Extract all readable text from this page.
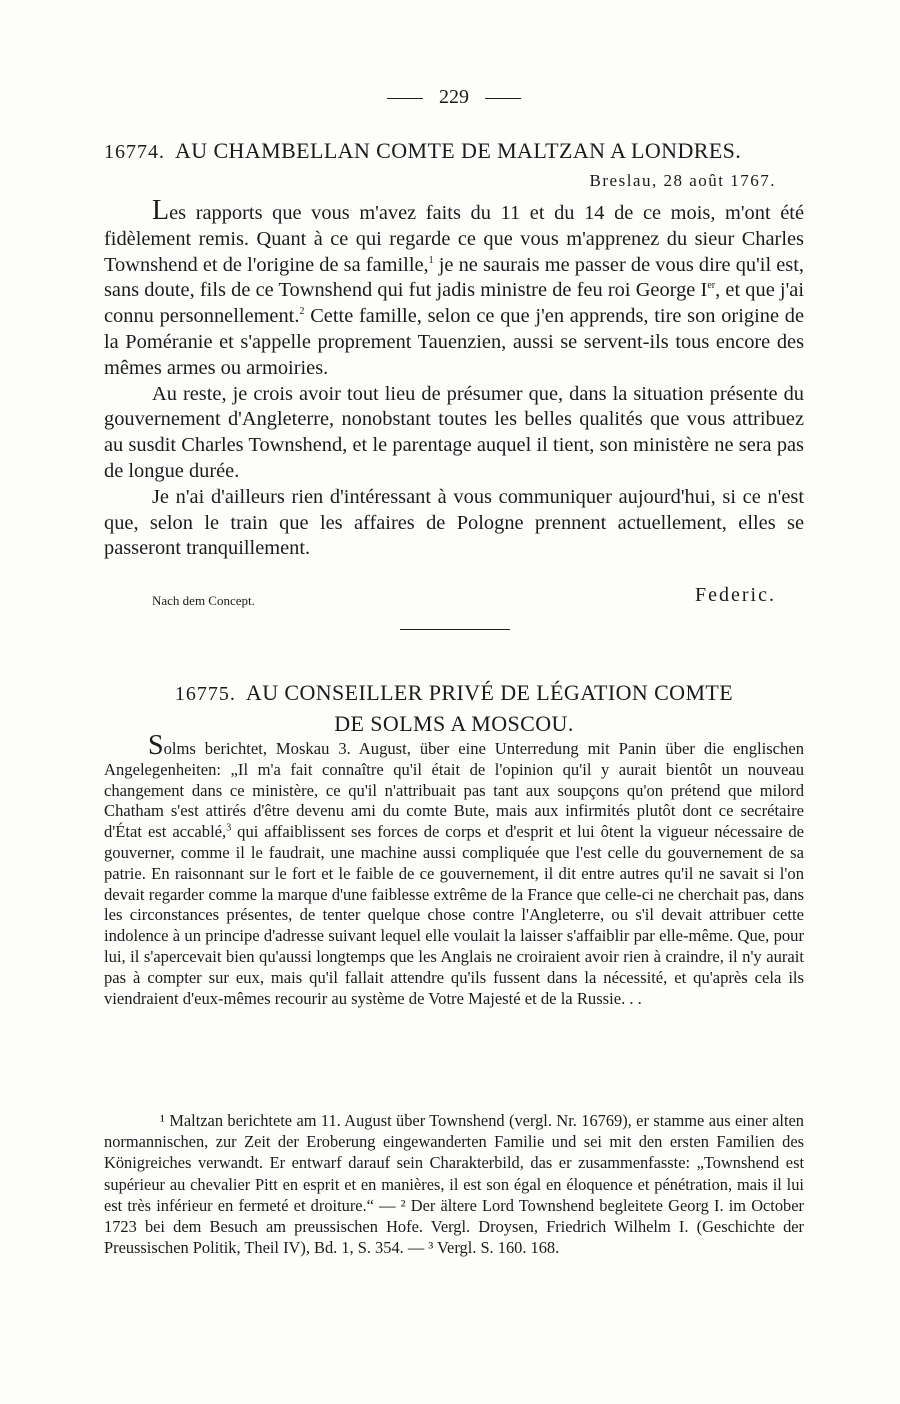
229
16774. AU CHAMBELLAN COMTE DE MALTZAN A LONDRES.
Breslau, 28 août 1767.

Les rapports que vous m'avez faits du 11 et du 14 de ce mois, m'ont été fidèlement remis. Quant à ce qui regarde ce que vous m'apprenez du sieur Charles Townshend et de l'origine de sa famille,$^1$ je ne saurais me passer de vous dire qu'il est, sans doute, fils de ce Townshend qui fut jadis ministre de feu roi George Ier, et que j'ai connu personnellement.$^2$ Cette famille, selon ce que j'en apprends, tire son origine de la Poméranie et s'appelle proprement Tauenzien, aussi se servent-ils tous encore des mêmes armes ou armoiries.

Au reste, je crois avoir tout lieu de présumer que, dans la situation présente du gouvernement d'Angleterre, nonobstant toutes les belles qualités que vous attribuez au susdit Charles Townshend, et le parentage auquel il tient, son ministère ne sera pas de longue durée.

Je n'ai d'ailleurs rien d'intéressant à vous communiquer aujourd'hui, si ce n'est que, selon le train que les affaires de Pologne prennent actuellement, elles se passeront tranquillement.

Nach dem Concept.	Federic.
16775. AU CONSEILLER PRIVÉ DE LÉGATION COMTE
DE SOLMS A MOSCOU.

Solms berichtet, Moskau 3. August, über eine Unterredung mit Panin über die englischen Angelegenheiten: „Il m'a fait connaître qu'il était de l'opinion qu'il y aurait bientôt un nouveau changement dans ce ministère, ce qu'il n'attribuait pas tant aux soupçons qu'on prétend que milord Chatham s'est attirés d'être devenu ami du comte Bute, mais aux infirmités plutôt dont ce secrétaire d'État est accablé,$^3$ qui affaiblissent ses forces de corps et d'esprit et lui ôtent la vigueur nécessaire de gouverner, comme il le faudrait, une machine aussi compliquée que l'est celle du gouvernement de sa patrie. En raisonnant sur le fort et le faible de ce gouvernement, il dit entre autres qu'il ne savait si l'on devait regarder comme la marque d'une faiblesse extrême de la France que celle-ci ne cherchait pas, dans les circonstances présentes, de tenter quelque chose contre l'Angleterre, ou s'il devait attribuer cette indolence à un principe d'adresse suivant lequel elle voulait la laisser s'affaiblir par elle-même. Que, pour lui, il s'apercevait bien qu'aussi longtemps que les Anglais ne croiraient avoir rien à craindre, il n'y aurait pas à compter sur eux, mais qu'il fallait attendre qu'ils fussent dans la nécessité, et qu'après cela ils viendraient d'eux-mêmes recourir au système de Votre Majesté et de la Russie. . .

¹ Maltzan berichtete am 11. August über Townshend (vergl. Nr. 16769), er stamme aus einer alten normannischen, zur Zeit der Eroberung eingewanderten Familie und sei mit den ersten Familien des Königreiches verwandt. Er entwarf darauf sein Charakterbild, das er zusammenfasste: „Townshend est supérieur au chevalier Pitt en esprit et en manières, il est son égal en éloquence et pénétration, mais il lui est très inférieur en fermeté et droiture.“ — ² Der ältere Lord Townshend begleitete Georg I. im October 1723 bei dem Besuch am preussischen Hofe. Vergl. Droysen, Friedrich Wilhelm I. (Geschichte der Preussischen Politik, Theil IV), Bd. 1, S. 354. — ³ Vergl. S. 160. 168.
